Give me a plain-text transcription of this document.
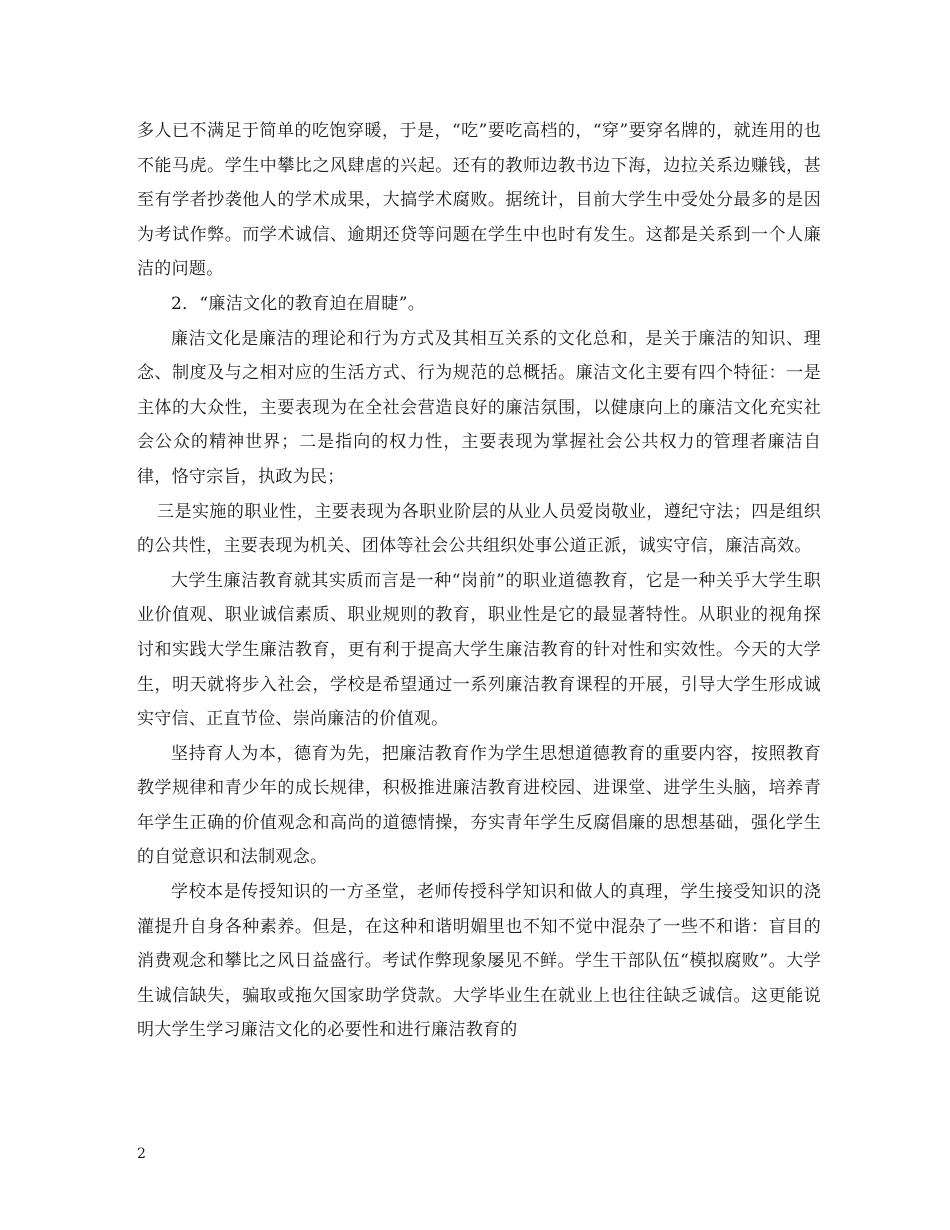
多人已不满足于简单的吃饱穿暖，于是，“吃”要吃高档的，“穿”要穿名牌的，就连用的也不能马虎。学生中攀比之风肆虐的兴起。还有的教师边教书边下海，边拉关系边赚钱，甚至有学者抄袭他人的学术成果，大搞学术腐败。据统计，目前大学生中受处分最多的是因为考试作弊。而学术诚信、逾期还贷等问题在学生中也时有发生。这都是关系到一个人廉洁的问题。

2．“廉洁文化的教育迫在眉睫”。

廉洁文化是廉洁的理论和行为方式及其相互关系的文化总和，是关于廉洁的知识、理念、制度及与之相对应的生活方式、行为规范的总概括。廉洁文化主要有四个特征：一是主体的大众性，主要表现为在全社会营造良好的廉洁氛围，以健康向上的廉洁文化充实社会公众的精神世界；二是指向的权力性，主要表现为掌握社会公共权力的管理者廉洁自律，恪守宗旨，执政为民；

三是实施的职业性，主要表现为各职业阶层的从业人员爱岗敬业，遵纪守法；四是组织的公共性，主要表现为机关、团体等社会公共组织处事公道正派，诚实守信，廉洁高效。

大学生廉洁教育就其实质而言是一种“岗前”的职业道德教育，它是一种关乎大学生职业价值观、职业诚信素质、职业规则的教育，职业性是它的最显著特性。从职业的视角探讨和实践大学生廉洁教育，更有利于提高大学生廉洁教育的针对性和实效性。今天的大学生，明天就将步入社会，学校是希望通过一系列廉洁教育课程的开展，引导大学生形成诚实守信、正直节俭、崇尚廉洁的价值观。

坚持育人为本，德育为先，把廉洁教育作为学生思想道德教育的重要内容，按照教育教学规律和青少年的成长规律，积极推进廉洁教育进校园、进课堂、进学生头脑，培养青年学生正确的价值观念和高尚的道德情操，夯实青年学生反腐倡廉的思想基础，强化学生的自觉意识和法制观念。

学校本是传授知识的一方圣堂，老师传授科学知识和做人的真理，学生接受知识的浇灌提升自身各种素养。但是，在这种和谐明媚里也不知不觉中混杂了一些不和谐：盲目的消费观念和攀比之风日益盛行。考试作弊现象屡见不鲜。学生干部队伍“模拟腐败”。大学生诚信缺失，骗取或拖欠国家助学贷款。大学毕业生在就业上也往往缺乏诚信。这更能说明大学生学习廉洁文化的必要性和进行廉洁教育的

2
